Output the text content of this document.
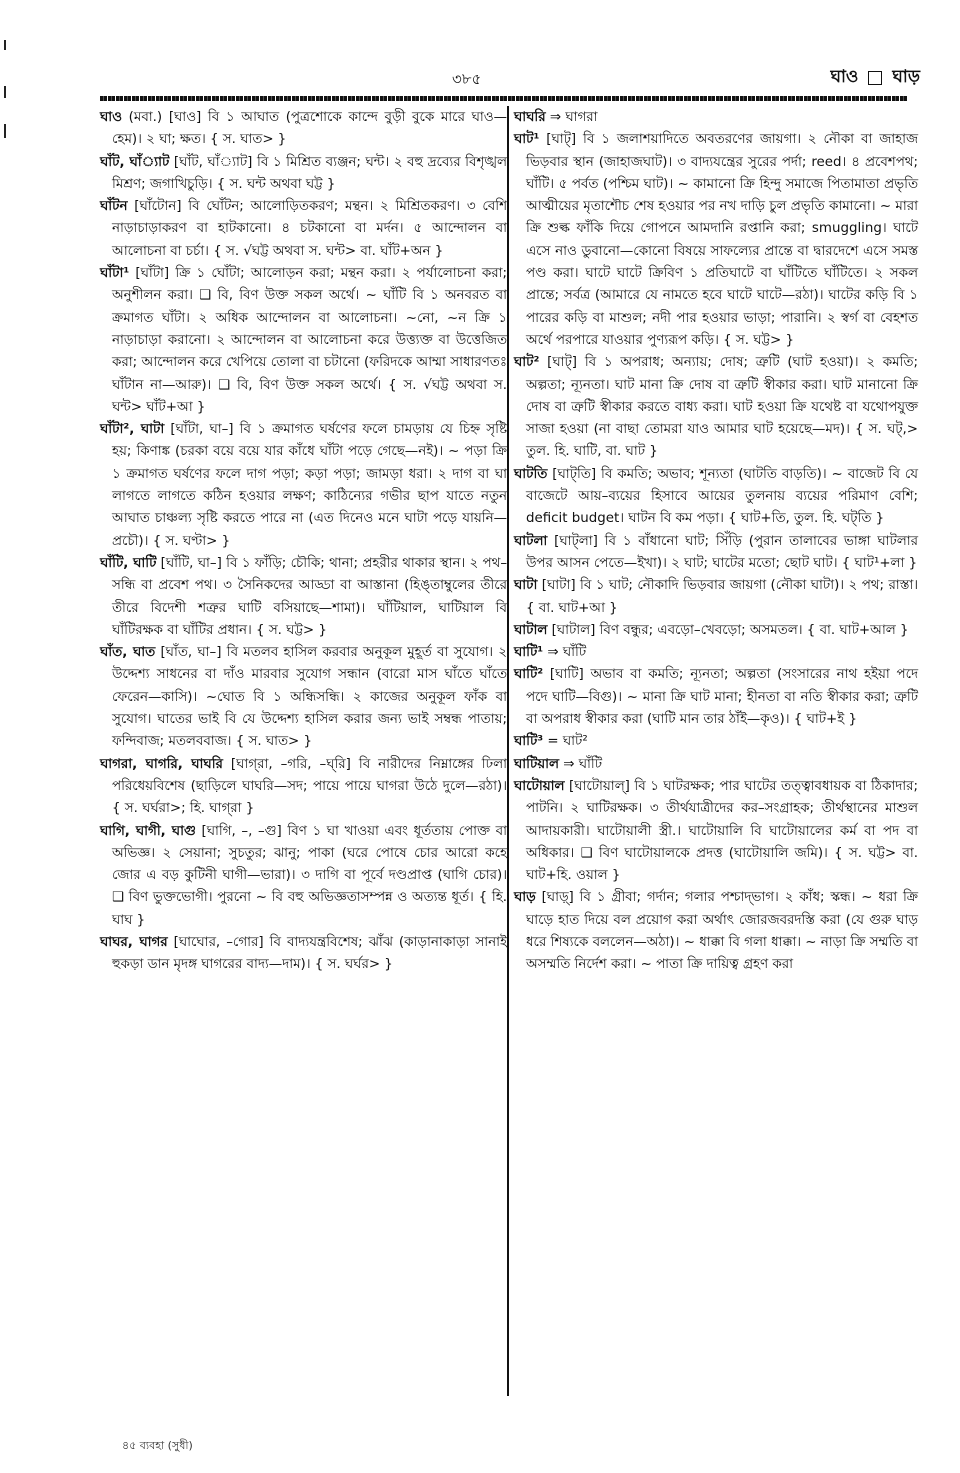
৩৮৫	ঘাও ঘাড়

ঘাও (মবা.) [ঘাও] বি ১ আঘাত (পুত্রশোকে কান্দে বুড়ী বুকে মারে ঘাও—হেম)। ২ ঘা; ক্ষত। { স. ঘাত> }

ঘাঁট, ঘাঁ্যাট [ঘাঁট, ঘাঁ্যাট] বি ১ মিশ্রিত ব্যঞ্জন; ঘন্ট। ২ বহু দ্রব্যের বিশৃঙ্খল মিশ্রণ; জগাখিচুড়ি। { স. ঘন্ট অথবা ঘট্ট }

ঘাঁটন [ঘাঁটোন] বি ঘোঁটন; আলোড়িতকরণ; মন্থন। ২ মিশ্রিতকরণ। ৩ বেশি নাড়াচাড়াকরণ বা হাটকানো। ৪ চটকানো বা মর্দন। ৫ আন্দোলন বা আলোচনা বা চর্চা। { স. √ঘট্ট অথবা স. ঘন্ট> বা. ঘাঁট+অন }

ঘাঁটা¹ [ঘাঁটা] ক্রি ১ ঘোঁটা; আলোড়ন করা; মন্থন করা। ২ পর্যালোচনা করা; অনুশীলন করা। ❑ বি, বিণ উক্ত সকল অর্থে। ~ ঘাঁটি বি ১ অনবরত বা ক্রমাগত ঘাঁটা। ২ অধিক আন্দোলন বা আলোচনা। ~নো, ~ন ক্রি ১ নাড়াচাড়া করানো। ২ আন্দোলন বা আলোচনা করে উত্ত্যক্ত বা উত্তেজিত করা; আন্দোলন করে খেপিয়ে তোলা বা চটানো (ফরিদকে আম্মা সাধারণতঃ ঘাঁটান না—আরু)। ❑ বি, বিণ উক্ত সকল অর্থে। { স. √ঘট্ট অথবা স. ঘন্ট> ঘাঁট+আ }

ঘাঁটা², ঘাটা [ঘাঁটা, ঘা–] বি ১ ক্রমাগত ঘর্ষণের ফলে চামড়ায় যে চিহ্ন সৃষ্টি হয়; কিণাঙ্ক (চরকা বয়ে বয়ে যার কাঁধে ঘাঁটা পড়ে গেছে—নই)। ~ পড়া ক্রি ১ ক্রমাগত ঘর্ষণের ফলে দাগ পড়া; কড়া পড়া; জামড়া ধরা। ২ দাগ বা ঘা লাগতে লাগতে কঠিন হওয়ার লক্ষণ; কাঠিন্যের গভীর ছাপ যাতে নতুন আঘাত চাঞ্চল্য সৃষ্টি করতে পারে না (এত দিনেও মনে ঘাটা পড়ে যায়নি—প্রচৌ)। { স. ঘণ্টা> }

ঘাঁটি, ঘাটি [ঘাঁটি, ঘা–] বি ১ ফাঁড়ি; চৌকি; থানা; প্রহরীর থাকার স্থান। ২ পথ–সন্ধি বা প্রবেশ পথ। ৩ সৈনিকদের আড্ডা বা আস্তানা (হিঙ্তাম্বুলের তীরে তীরে বিদেশী শত্রুর ঘাটি বসিয়াছে—শামা)। ঘাঁটিয়াল, ঘাটিয়াল বি ঘাঁটিরক্ষক বা ঘাঁটির প্রধান। { স. ঘট্ট> }

ঘাঁত, ঘাত [ঘাঁত, ঘা–] বি মতলব হাসিল করবার অনুকূল মুহূর্ত বা সুযোগ। ২ উদ্দেশ্য সাধনের বা দাঁও মারবার সুযোগ সন্ধান (বারো মাস ঘাঁতে ঘাঁতে ফেরেন—কাসি)। ~ঘোত বি ১ অন্ধিসন্ধি। ২ কাজের অনুকূল ফাঁক বা সুযোগ। ঘাতের ভাই বি যে উদ্দেশ্য হাসিল করার জন্য ভাই সম্বন্ধ পাতায়; ফন্দিবাজ; মতলববাজ। { স. ঘাত> }

ঘাগরা, ঘাগরি, ঘাঘরি [ঘাগ্‌রা, –গরি, –ঘ্‌রি] বি নারীদের নিম্নাঙ্গের ঢিলা পরিধেয়বিশেষ (ছাড়িলে ঘাঘরি—সদ; পায়ে পায়ে ঘাগরা উঠে দুলে—রঠা)। { স. ঘর্ঘরা>; হি. ঘাগ্‌রা }

ঘাগি, ঘাগী, ঘাগু [ঘাগি, –, –গু] বিণ ১ ঘা খাওয়া এবং ধূর্ততায় পোক্ত বা অভিজ্ঞ। ২ সেয়ানা; সুচতুর; ঝানু; পাকা (ঘরে পোষে চোর আরো কহে জোর এ বড় কুটিনী ঘাগী—ভারা)। ৩ দাগি বা পূর্বে দণ্ডপ্রাপ্ত (ঘাগি চোর)। ❑ বিণ ভুক্তভোগী। পুরনো ~ বি বহু অভিজ্ঞতাসম্পন্ন ও অত্যন্ত ধূর্ত। { হি. ঘাঘ }

ঘাঘর, ঘাগর [ঘাঘোর, –গোর] বি বাদ্যযন্ত্রবিশেষ; ঝাঁঝ (কাড়ানাকাড়া সানাই হুকড়া ডান মৃদঙ্গ ঘাগরের বাদ্য—দাম)। { স. ঘর্ঘর> }

ঘাঘরি ⇒ ঘাগরা

ঘাট¹ [ঘাট্] বি ১ জলাশয়াদিতে অবতরণের জায়গা। ২ নৌকা বা জাহাজ ভিড়বার স্থান (জাহাজঘাট)। ৩ বাদ্যযন্ত্রের সুরের পর্দা; reed। ৪ প্রবেশপথ; ঘাঁটি। ৫ পর্বত (পশ্চিম ঘাট)। ~ কামানো ক্রি হিন্দু সমাজে পিতামাতা প্রভৃতি আত্মীয়ের মৃতাশৌচ শেষ হওয়ার পর নখ দাড়ি চুল প্রভৃতি কামানো। ~ মারা ক্রি শুল্ক ফাঁকি দিয়ে গোপনে আমদানি রপ্তানি করা; smuggling। ঘাটে এসে নাও ডুবানো—কোনো বিষয়ে সাফল্যের প্রান্তে বা দ্বারদেশে এসে সমস্ত পণ্ড করা। ঘাটে ঘাটে ক্রিবিণ ১ প্রতিঘাটে বা ঘাঁটিতে ঘাঁটিতে। ২ সকল প্রান্তে; সর্বত্র (আমারে যে নামতে হবে ঘাটে ঘাটে—রঠা)। ঘাটের কড়ি বি ১ পারের কড়ি বা মাশুল; নদী পার হওয়ার ভাড়া; পারানি। ২ স্বর্গ বা বেহশত অর্থে পরপারে যাওয়ার পুণ্যরূপ কড়ি। { স. ঘট্ট> }

ঘাট² [ঘাট্] বি ১ অপরাধ; অন্যায়; দোষ; ত্রুটি (ঘাট হওয়া)। ২ কমতি; অল্পতা; ন্যূনতা। ঘাট মানা ক্রি দোষ বা ত্রুটি স্বীকার করা। ঘাট মানানো ক্রি দোষ বা ত্রুটি স্বীকার করতে বাধ্য করা। ঘাট হওয়া ক্রি যথেষ্ট বা যথোপযুক্ত সাজা হওয়া (না বাছা তোমরা যাও আমার ঘাট হয়েছে—মদ)। { স. ঘট্‌,> তুল. হি. ঘাটি, বা. ঘাট }

ঘাটতি [ঘাট্‌তি] বি কমতি; অভাব; শূন্যতা (ঘাটতি বাড়তি)। ~ বাজেট বি যে বাজেটে আয়–ব্যয়ের হিসাবে আয়ের তুলনায় ব্যয়ের পরিমাণ বেশি; deficit budget। ঘাটন বি কম পড়া। { ঘাট+তি, তুল. হি. ঘট্‌তি }

ঘাটলা [ঘাট্‌লা] বি ১ বাঁধানো ঘাট; সিঁড়ি (পুরান তালাবের ভাঙ্গা ঘাটলার উপর আসন পেতে—ইখা)। ২ ঘাট; ঘাটের মতো; ছোট ঘাট। { ঘাট¹+লা }

ঘাটা [ঘাটা] বি ১ ঘাট; নৌকাদি ভিড়বার জায়গা (নৌকা ঘাটা)। ২ পথ; রাস্তা। { বা. ঘাট+আ }

ঘাটাল [ঘাটাল] বিণ বন্ধুর; এবড়ো–খেবড়ো; অসমতল। { বা. ঘাট+আল }

ঘাটি¹ ⇒ ঘাঁটি

ঘাটি² [ঘাটি] অভাব বা কমতি; ন্যূনতা; অল্পতা (সংসারের নাথ হইয়া পদে পদে ঘাটি—বিগু)। ~ মানা ক্রি ঘাট মানা; হীনতা বা নতি স্বীকার করা; ত্রুটি বা অপরাধ স্বীকার করা (ঘাটি মান তার ঠাঁই—কৃও)। { ঘাট+ই }

ঘাটি³ = ঘাট²

ঘাটিয়াল ⇒ ঘাঁটি

ঘাটোয়াল [ঘাটোয়াল্] বি ১ ঘাটরক্ষক; পার ঘাটের তত্ত্বাবধায়ক বা ঠিকাদার; পাটনি। ২ ঘাটিরক্ষক। ৩ তীর্থযাত্রীদের কর–সংগ্রাহক; তীর্থস্থানের মাশুল আদায়কারী। ঘাটোয়ালী স্ত্রী.। ঘাটোয়ালি বি ঘাটোয়ালের কর্ম বা পদ বা অধিকার। ❑ বিণ ঘাটোয়ালকে প্রদত্ত (ঘাটোয়ালি জমি)। { স. ঘট্ট> বা. ঘাট+হি. ওয়াল }

ঘাড় [ঘাড়্] বি ১ গ্রীবা; গর্দান; গলার পশ্চাদ্‌ভাগ। ২ কাঁধ; স্কন্ধ। ~ ধরা ক্রি ঘাড়ে হাত দিয়ে বল প্রয়োগ করা অর্থাৎ জোরজবরদস্তি করা (যে গুরু ঘাড় ধরে শিষ্যকে বললেন—অঠা)। ~ ধাক্কা বি গলা ধাক্কা। ~ নাড়া ক্রি সম্মতি বা অসম্মতি নির্দেশ করা। ~ পাতা ক্রি দায়িত্ব গ্রহণ করা

৪৫ ব্যবহা (সুধী)
